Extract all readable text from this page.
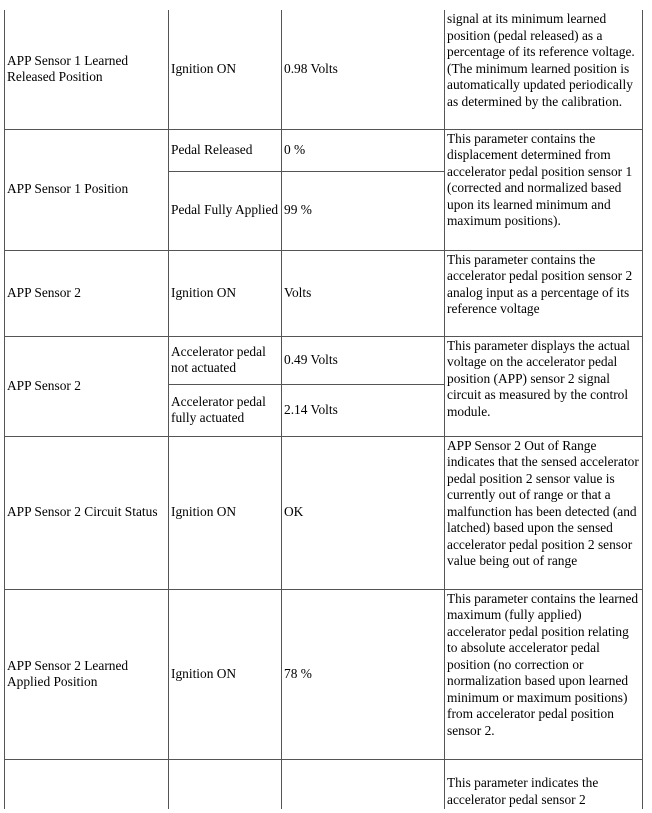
APP Sensor 1 Learned Released Position	Ignition ON	0.98 Volts	signal at its minimum learned position (pedal released) as a percentage of its reference voltage. (The minimum learned position is automatically updated periodically as determined by the calibration.
APP Sensor 1 Position	Pedal Released	0 %	This parameter contains the displacement determined from accelerator pedal position sensor 1 (corrected and normalized based upon its learned minimum and maximum positions).
	Pedal Fully Applied	99 %	
APP Sensor 2	Ignition ON	Volts	This parameter contains the accelerator pedal position sensor 2 analog input as a percentage of its reference voltage
APP Sensor 2	Accelerator pedal not actuated	0.49 Volts	This parameter displays the actual voltage on the accelerator pedal position (APP) sensor 2 signal circuit as measured by the control module.
	Accelerator pedal fully actuated	2.14 Volts	
APP Sensor 2 Circuit Status	Ignition ON	OK	APP Sensor 2 Out of Range indicates that the sensed accelerator pedal position 2 sensor value is currently out of range or that a malfunction has been detected (and latched) based upon the sensed accelerator pedal position 2 sensor value being out of range
APP Sensor 2 Learned Applied Position	Ignition ON	78 %	This parameter contains the learned maximum (fully applied) accelerator pedal position relating to absolute accelerator pedal position (no correction or normalization based upon learned minimum or maximum positions) from accelerator pedal position sensor 2.
			This parameter indicates the accelerator pedal sensor 2
